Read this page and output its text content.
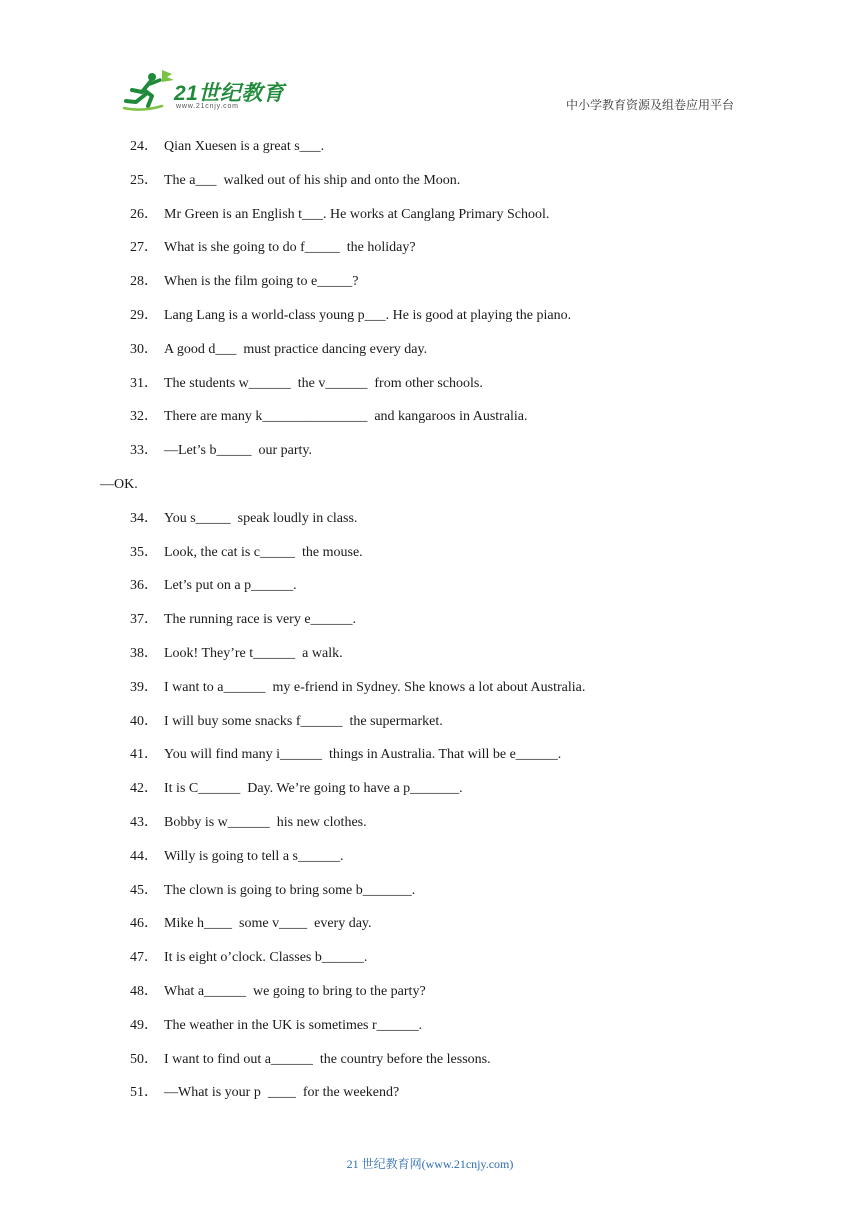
21世纪教育
www.21cnjy.com	中小学教育资源及组卷应用平台
24． Qian Xuesen is a great s___.
25． The a___  walked out of his ship and onto the Moon.
26． Mr Green is an English t___. He works at Canglang Primary School.
27． What is she going to do f_____  the holiday?
28． When is the film going to e_____?
29． Lang Lang is a world-class young p___. He is good at playing the piano.
30． A good d___  must practice dancing every day.
31． The students w______  the v______  from other schools.
32． There are many k_______________  and kangaroos in Australia.
33． —Let’s b_____  our party.
—OK.
34． You s_____  speak loudly in class.
35． Look, the cat is c_____  the mouse.
36． Let’s put on a p______.
37． The running race is very e______.
38． Look! They’re t______  a walk.
39． I want to a______  my e-friend in Sydney. She knows a lot about Australia.
40． I will buy some snacks f______  the supermarket.
41． You will find many i______  things in Australia. That will be e______.
42． It is C______  Day. We’re going to have a p_______.
43． Bobby is w______  his new clothes.
44． Willy is going to tell a s______.
45． The clown is going to bring some b_______.
46． Mike h____  some v____  every day.
47． It is eight o’clock. Classes b______.
48． What a______  we going to bring to the party?
49． The weather in the UK is sometimes r______.
50． I want to find out a______  the country before the lessons.
51． —What is your p  ____  for the weekend?
21 世纪教育网(www.21cnjy.com)
